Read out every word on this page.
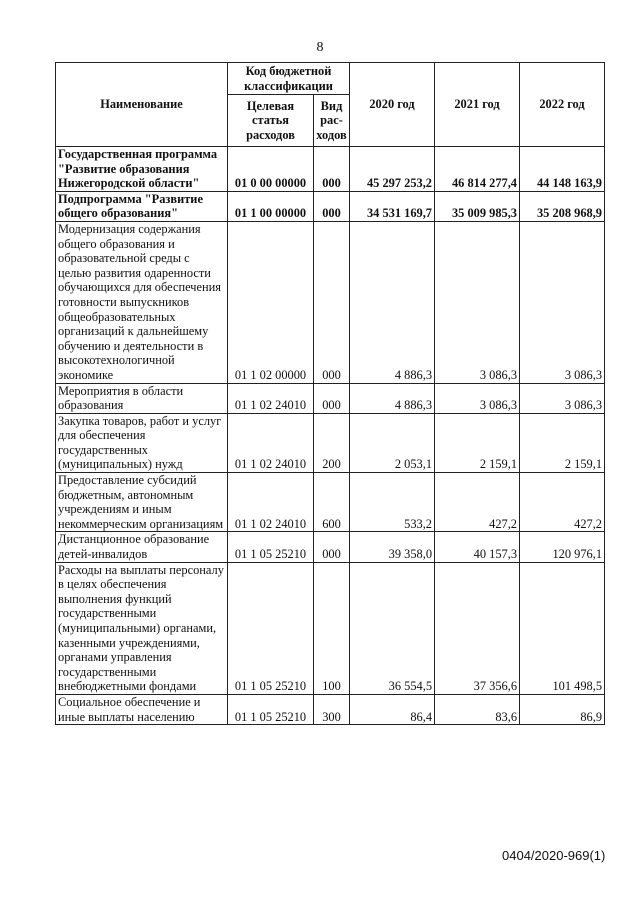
8
Наименование	Код бюджетной классификации		2020 год	2021 год	2022 год
	Целевая статья расходов	Вид рас-ходов			
Государственная программа "Развитие образования Нижегородской области"	01 0 00 00000	000	45 297 253,2	46 814 277,4	44 148 163,9
Подпрограмма "Развитие общего образования"	01 1 00 00000	000	34 531 169,7	35 009 985,3	35 208 968,9
Модернизация содержания общего образования и образовательной среды с целью развития одаренности обучающихся для обеспечения готовности выпускников общеобразовательных организаций к дальнейшему обучению и деятельности в высокотехнологичной экономике	01 1 02 00000	000	4 886,3	3 086,3	3 086,3
Мероприятия в области образования	01 1 02 24010	000	4 886,3	3 086,3	3 086,3
Закупка товаров, работ и услуг для обеспечения государственных (муниципальных) нужд	01 1 02 24010	200	2 053,1	2 159,1	2 159,1
Предоставление субсидий бюджетным, автономным учреждениям и иным некоммерческим организациям	01 1 02 24010	600	533,2	427,2	427,2
Дистанционное образование детей-инвалидов	01 1 05 25210	000	39 358,0	40 157,3	120 976,1
Расходы на выплаты персоналу в целях обеспечения выполнения функций государственными (муниципальными) органами, казенными учреждениями, органами управления государственными внебюджетными фондами	01 1 05 25210	100	36 554,5	37 356,6	101 498,5
Социальное обеспечение и иные выплаты населению	01 1 05 25210	300	86,4	83,6	86,9
0404/2020-969(1)
